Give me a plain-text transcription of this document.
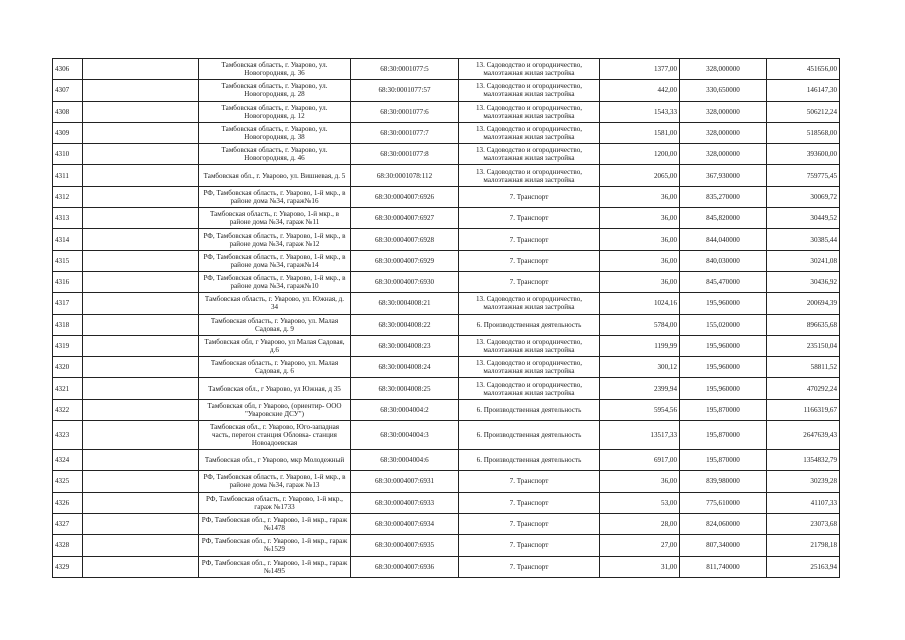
4306		Тамбовская область, г. Уварово, ул. Новогородняя, д. 36	68:30:0001077:5	13. Садоводство и огородничество, малоэтажная жилая застройка	1377,00	328,000000	451656,00
4307		Тамбовская область, г. Уварово, ул. Новогородняя, д. 28	68:30:0001077:57	13. Садоводство и огородничество, малоэтажная жилая застройка	442,00	330,650000	146147,30
4308		Тамбовская область, г. Уварово, ул. Новогородняя, д. 12	68:30:0001077:6	13. Садоводство и огородничество, малоэтажная жилая застройка	1543,33	328,000000	506212,24
4309		Тамбовская область, г. Уварово, ул. Новогородняя, д. 38	68:30:0001077:7	13. Садоводство и огородничество, малоэтажная жилая застройка	1581,00	328,000000	518568,00
4310		Тамбовская область, г. Уварово, ул. Новогородняя, д. 46	68:30:0001077:8	13. Садоводство и огородничество, малоэтажная жилая застройка	1200,00	328,000000	393600,00
4311		Тамбовская обл., г. Уварово, ул. Вишневая, д. 5	68:30:0001078:112	13. Садоводство и огородничество, малоэтажная жилая застройка	2065,00	367,930000	759775,45
4312		РФ, Тамбовская область, г. Уварово, 1-й мкр., в районе дома №34, гараж№16	68:30:0004007:6926	7. Транспорт	36,00	835,270000	30069,72
4313		Тамбовская область, г. Уварово, 1-й мкр., в районе дома №34, гараж №11	68:30:0004007:6927	7. Транспорт	36,00	845,820000	30449,52
4314		РФ, Тамбовская область, г. Уварово, 1-й мкр., в районе дома №34, гараж №12	68:30:0004007:6928	7. Транспорт	36,00	844,040000	30385,44
4315		РФ, Тамбовская область, г. Уварово, 1-й мкр., в районе дома №34, гараж№14	68:30:0004007:6929	7. Транспорт	36,00	840,030000	30241,08
4316		РФ, Тамбовская область, г. Уварово, 1-й мкр., в районе дома №34, гараж№10	68:30:0004007:6930	7. Транспорт	36,00	845,470000	30436,92
4317		Тамбовская область, г. Уварово, ул. Южная, д. 34	68:30:0004008:21	13. Садоводство и огородничество, малоэтажная жилая застройка	1024,16	195,960000	200694,39
4318		Тамбовская область, г. Уварово, ул. Малая Садовая, д. 9	68:30:0004008:22	6. Производственная деятельность	5784,00	155,020000	896635,68
4319		Тамбовская обл, г Уварово, ул Малая Садовая, д.6	68:30:0004008:23	13. Садоводство и огородничество, малоэтажная жилая застройка	1199,99	195,960000	235150,04
4320		Тамбовская область, г. Уварово, ул. Малая Садовая, д. 6	68:30:0004008:24	13. Садоводство и огородничество, малоэтажная жилая застройка	300,12	195,960000	58811,52
4321		Тамбовская обл., г Уварово, ул Южная, д 35	68:30:0004008:25	13. Садоводство и огородничество, малоэтажная жилая застройка	2399,94	195,960000	470292,24
4322		Тамбовская обл, г Уварово, (ориентир- ООО "Уваровские ДСУ")	68:30:0004004:2	6. Производственная деятельность	5954,56	195,870000	1166319,67
4323		Тамбовская обл., г. Уварово, Юго-западная часть, перегон станция Обловка- станция Новоадоевская	68:30:0004004:3	6. Производственная деятельность	13517,33	195,870000	2647639,43
4324		Тамбовская обл., г Уварово, мкр Молодежный	68:30:0004004:6	6. Производственная деятельность	6917,00	195,870000	1354832,79
4325		РФ, Тамбовская область, г. Уварово, 1-й мкр., в районе дома №34, гараж №13	68:30:0004007:6931	7. Транспорт	36,00	839,980000	30239,28
4326		РФ, Тамбовская область, г. Уварово, 1-й мкр., гараж №1733	68:30:0004007:6933	7. Транспорт	53,00	775,610000	41107,33
4327		РФ, Тамбовская обл., г. Уварово, 1-й мкр., гараж №1478	68:30:0004007:6934	7. Транспорт	28,00	824,060000	23073,68
4328		РФ, Тамбовская обл., г. Уварово, 1-й мкр., гараж №1529	68:30:0004007:6935	7. Транспорт	27,00	807,340000	21798,18
4329		РФ, Тамбовская обл., г. Уварово, 1-й мкр., гараж №1495	68:30:0004007:6936	7. Транспорт	31,00	811,740000	25163,94
